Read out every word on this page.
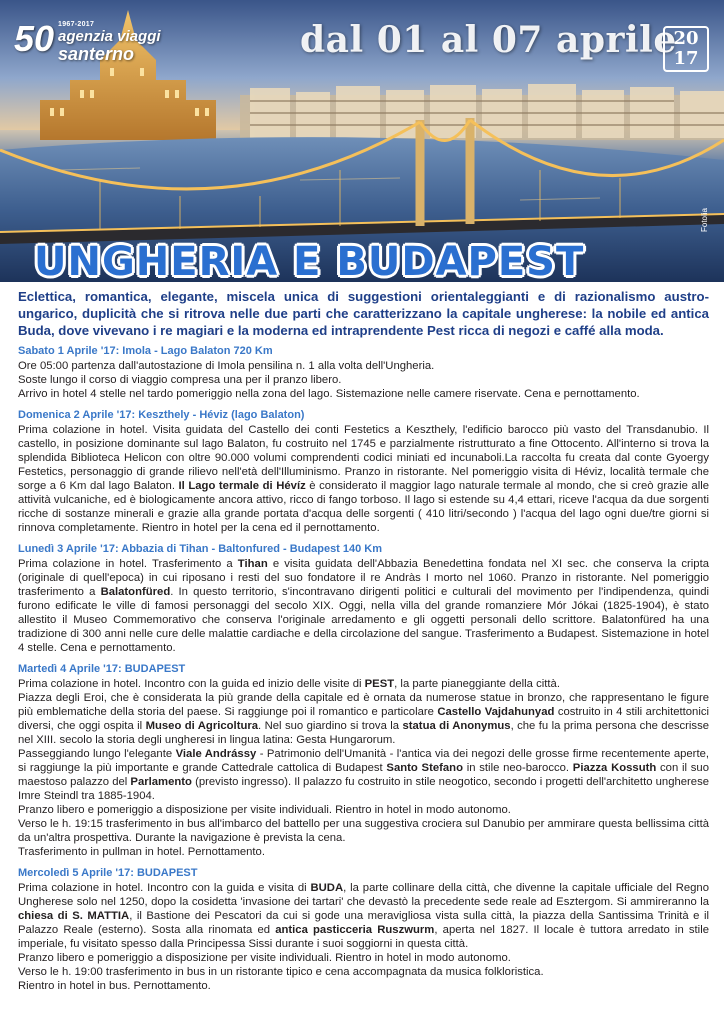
50 1967-2017
agenzia viaggi
santerno	dal 01 al 07 aprile
20
17
UNGHERIA E BUDAPEST
Fotolia
Eclettica, romantica, elegante, miscela unica di suggestioni orientaleggianti e di razionalismo austro-ungarico, duplicità che si ritrova nelle due parti che caratterizzano la capitale ungherese: la nobile ed antica Buda, dove vivevano i re magiari e la moderna ed intraprendente Pest ricca di negozi e caffé alla moda.
Sabato 1 Aprile '17: Imola - Lago Balaton 720 Km

Ore 05:00 partenza dall'autostazione di Imola pensilina n. 1 alla volta dell'Ungheria.

Soste lungo il corso di viaggio compresa una per il pranzo libero.

Arrivo in hotel 4 stelle nel tardo pomeriggio nella zona del lago. Sistemazione nelle camere riservate. Cena e pernottamento.

Domenica 2 Aprile '17: Keszthely - Héviz (lago Balaton)

Prima colazione in hotel. Visita guidata del Castello dei conti Festetics a Keszthely, l'edificio barocco più vasto del Transdanubio. Il castello, in posizione dominante sul lago Balaton, fu costruito nel 1745 e parzialmente ristrutturato a fine Ottocento. All'interno si trova la splendida Biblioteca Helicon con oltre 90.000 volumi comprendenti codici miniati ed incunaboli.La raccolta fu creata dal conte Gyoergy Festetics, personaggio di grande rilievo nell'età dell'Illuminismo. Pranzo in ristorante. Nel pomeriggio visita di Héviz, località termale che sorge a 6 Km dal lago Balaton. Il Lago termale di Hévíz è considerato il maggior lago naturale termale al mondo, che si creò grazie alle attività vulcaniche, ed è biologicamente ancora attivo, ricco di fango torboso. Il lago si estende su 4,4 ettari, riceve l'acqua da due sorgenti ricche di sostanze minerali e grazie alla grande portata d'acqua delle sorgenti ( 410 litri/secondo ) l'acqua del lago ogni due/tre giorni si rinnova completamente. Rientro in hotel per la cena ed il pernottamento.

Lunedì 3 Aprile '17: Abbazia di Tihan - Baltonfured - Budapest 140 Km

Prima colazione in hotel. Trasferimento a Tihan e visita guidata dell'Abbazia Benedettina fondata nel XI sec. che conserva la cripta (originale di quell'epoca) in cui riposano i resti del suo fondatore il re Andràs I morto nel 1060. Pranzo in ristorante. Nel pomeriggio trasferimento a Balatonfüred. In questo territorio, s'incontravano dirigenti politici e culturali del movimento per l'indipendenza, quindi furono edificate le ville di famosi personaggi del secolo XIX. Oggi, nella villa del grande romanziere Mór Jókai (1825-1904), è stato allestito il Museo Commemorativo che conserva l'originale arredamento e gli oggetti personali dello scrittore. Balatonfüred ha una tradizione di 300 anni nelle cure delle malattie cardiache e della circolazione del sangue. Trasferimento a Budapest. Sistemazione in hotel 4 stelle. Cena e pernottamento.

Martedì 4 Aprile '17: BUDAPEST

Prima colazione in hotel. Incontro con la guida ed inizio delle visite di PEST, la parte pianeggiante della città.

Piazza degli Eroi, che è considerata la più grande della capitale ed è ornata da numerose statue in bronzo, che rappresentano le figure più emblematiche della storia del paese. Si raggiunge poi il romantico e particolare Castello Vajdahunyad costruito in 4 stili architettonici diversi, che oggi ospita il Museo di Agricoltura. Nel suo giardino si trova la statua di Anonymus, che fu la prima persona che descrisse nel XIII. secolo la storia degli ungheresi in lingua latina: Gesta Hungarorum.

Passeggiando lungo l'elegante Viale Andrássy - Patrimonio dell'Umanità - l'antica via dei negozi delle grosse firme recentemente aperte, si raggiunge la più importante e grande Cattedrale cattolica di Budapest Santo Stefano in stile neo-barocco. Piazza Kossuth con il suo maestoso palazzo del Parlamento (previsto ingresso). Il palazzo fu costruito in stile neogotico, secondo i progetti dell'architetto ungherese Imre Steindl tra 1885-1904.

Pranzo libero e pomeriggio a disposizione per visite individuali. Rientro in hotel in modo autonomo.

Verso le h. 19:15 trasferimento in bus all'imbarco del battello per una suggestiva crociera sul Danubio per ammirare questa bellissima città da un'altra prospettiva. Durante la navigazione è prevista la cena.

Trasferimento in pullman in hotel. Pernottamento.

Mercoledì 5 Aprile '17: BUDAPEST

Prima colazione in hotel. Incontro con la guida e visita di BUDA, la parte collinare della città, che divenne la capitale ufficiale del Regno Ungherese solo nel 1250, dopo la cosidetta 'invasione dei tartari' che devastò la precedente sede reale ad Esztergom. Si ammireranno la chiesa di S. MATTIA, il Bastione dei Pescatori da cui si gode una meravigliosa vista sulla città, la piazza della Santissima Trinità e il Palazzo Reale (esterno). Sosta alla rinomata ed antica pasticceria Ruszwurm, aperta nel 1827. Il locale è tuttora arredato in stile imperiale, fu visitato spesso dalla Principessa Sissi durante i suoi soggiorni in questa città.

Pranzo libero e pomeriggio a disposizione per visite individuali. Rientro in hotel in modo autonomo.

Verso le h. 19:00 trasferimento in bus in un ristorante tipico e cena accompagnata da musica folkloristica.

Rientro in hotel in bus. Pernottamento.
